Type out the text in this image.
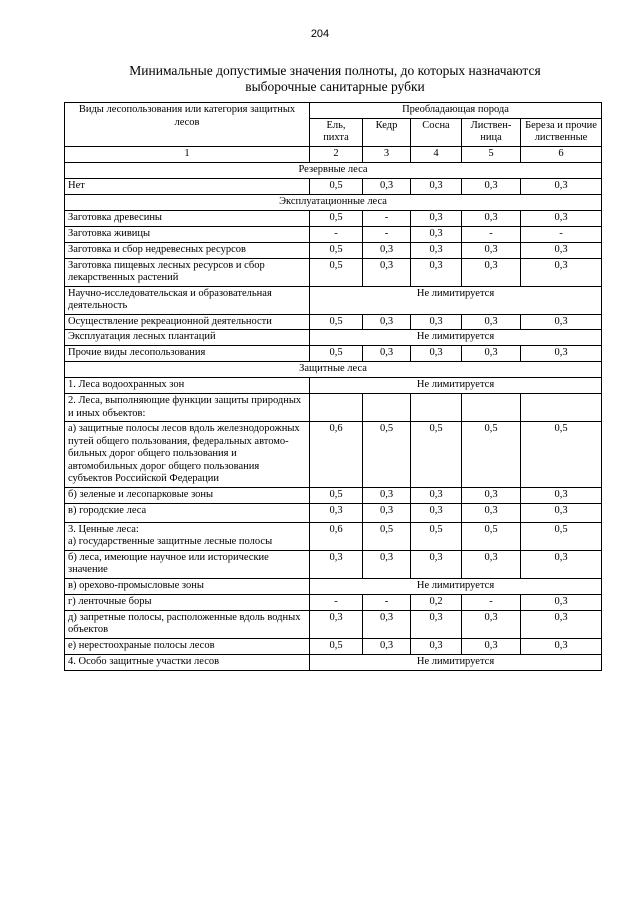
204
Минимальные допустимые значения полноты, до которых назначаются
выборочные санитарные рубки
Виды лесопользования или категория защитных лесов	Преобладающая порода				
	Ель, пихта	Кедр	Сосна	Листвен-ница	Береза и прочие лиственные
1	2	3	4	5	6
Резервные леса					
Нет	0,5	0,3	0,3	0,3	0,3
Эксплуатационные леса					
Заготовка древесины	0,5	-	0,3	0,3	0,3
Заготовка живицы	-	-	0,3	-	-
Заготовка и сбор недревесных ресурсов	0,5	0,3	0,3	0,3	0,3
Заготовка пищевых лесных ресурсов и сбор лекарственных растений	0,5	0,3	0,3	0,3	0,3
Научно-исследовательская и образовательная деятельность	Не лимитируется				
Осуществление рекреационной деятельности	0,5	0,3	0,3	0,3	0,3
Эксплуатация лесных плантаций	Не лимитируется				
Прочие виды лесопользования	0,5	0,3	0,3	0,3	0,3
Защитные леса					
1. Леса водоохранных зон	Не лимитируется				
2. Леса, выполняющие функции защиты природных и иных объектов:					
а) защитные полосы лесов вдоль железнодорожных путей общего пользования, федеральных автомо-бильных дорог общего пользования и автомобильных дорог общего пользования субъектов Российской Федерации	0,6	0,5	0,5	0,5	0,5
б) зеленые и лесопарковые зоны	0,5	0,3	0,3	0,3	0,3
в) городские леса	0,3	0,3	0,3	0,3	0,3

3. Ценные леса:
а) государственные защитные лесные полосы	0,6	0,5	0,5	0,5	0,5
б) леса, имеющие научное или исторические значение	0,3	0,3	0,3	0,3	0,3
в) орехово-промысловые зоны	Не лимитируется				
г) ленточные боры	-	-	0,2	-	0,3
д) запретные полосы, расположенные вдоль водных объектов	0,3	0,3	0,3	0,3	0,3
е) нерестоохраные полосы лесов	0,5	0,3	0,3	0,3	0,3
4. Особо защитные участки лесов	Не лимитируется				
